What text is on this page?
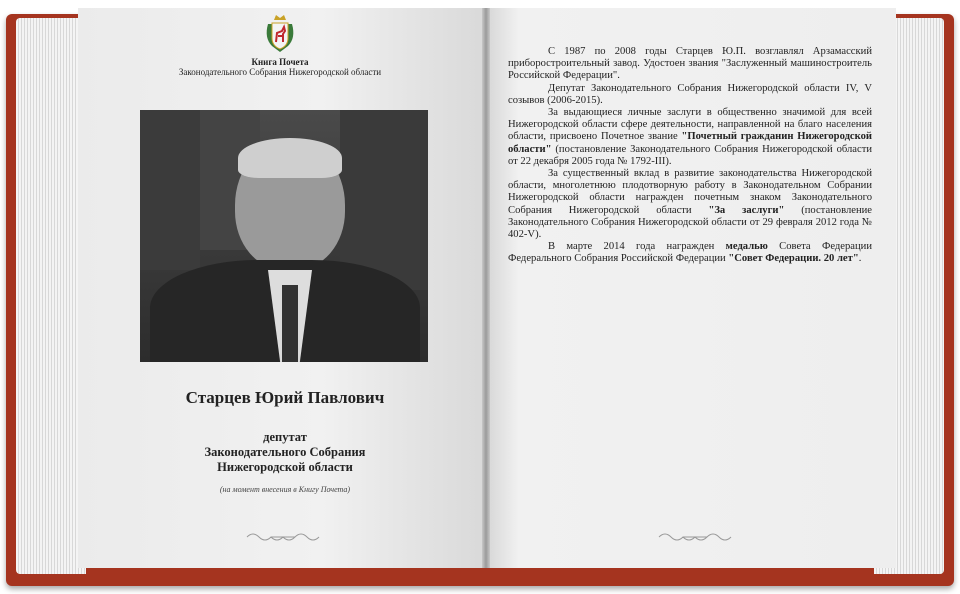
Книга Почета
Законодательного Собрания Нижегородской области
Старцев Юрий Павлович
депутат
Законодательного Собрания
Нижегородской области
(на момент внесения в Книгу Почета)

С 1987 по 2008 годы Старцев Ю.П. возглавлял Арзамасский приборостроительный завод. Удостоен звания "Заслуженный машиностроитель Российской Федерации".

Депутат Законодательного Собрания Нижегородской области IV, V созывов (2006-2015).

За выдающиеся личные заслуги в общественно значимой для всей Нижегородской области сфере деятельности, направленной на благо населения области, присвоено Почетное звание "Почетный гражданин Нижегородской области" (постановление Законодательного Собрания Нижегородской области от 22 декабря 2005 года № 1792-III).

За существенный вклад в развитие законодательства Нижегородской области, многолетнюю плодотворную работу в Законодательном Собрании Нижегородской области награжден почетным знаком Законодательного Собрания Нижегородской области "За заслуги" (постановление Законодательного Собрания Нижегородской области от 29 февраля 2012 года № 402-V).

В марте 2014 года награжден медалью Совета Федерации Федерального Собрания Российской Федерации "Совет Федерации. 20 лет".
